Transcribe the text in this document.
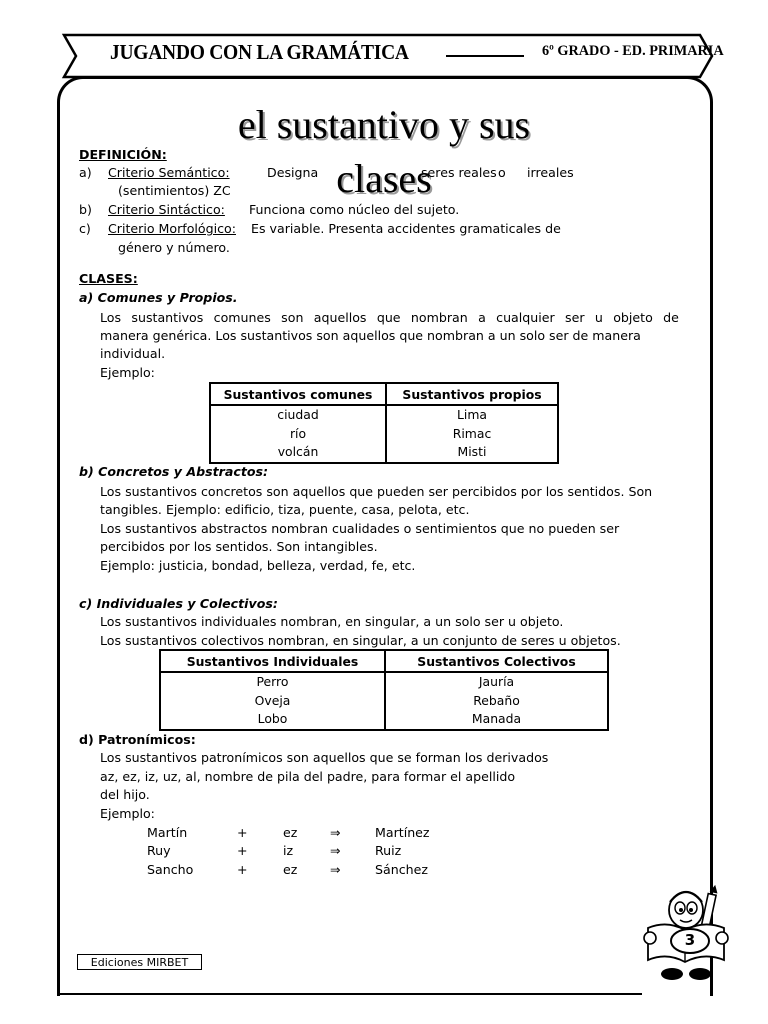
JUGANDO CON LA GRAMÁTICA	6º GRADO - ED. PRIMARIA
el sustantivo y sus
clases
DEFINICIÓN:
a) Criterio Semántico:	Designa	seres reales o irreales
(sentimientos) ZC
b) Criterio Sintáctico: Funciona como núcleo del sujeto.
c) Criterio Morfológico: Es variable. Presenta accidentes gramaticales de
género y número.
CLASES:
a) Comunes y Propios.
Los sustantivos comunes son aquellos que nombran a cualquier ser u objeto de
manera genérica. Los sustantivos son aquellos que nombran a un solo ser de manera
individual.
Ejemplo:
Sustantivos comunes	Sustantivos propios
ciudad	Lima
río	Rimac
volcán	Misti
b) Concretos y Abstractos:
Los sustantivos concretos son aquellos que pueden ser percibidos por los sentidos. Son
tangibles. Ejemplo: edificio, tiza, puente, casa, pelota, etc.
Los sustantivos abstractos nombran cualidades o sentimientos que no pueden ser
percibidos por los sentidos. Son intangibles.
Ejemplo: justicia, bondad, belleza, verdad, fe, etc.
c) Individuales y Colectivos:
Los sustantivos individuales nombran, en singular, a un solo ser u objeto.
Los sustantivos colectivos nombran, en singular, a un conjunto de seres u objetos.
Sustantivos Individuales	Sustantivos Colectivos
Perro	Jauría
Oveja	Rebaño
Lobo	Manada
d) Patronímicos:
Los sustantivos patronímicos son aquellos que se forman los derivados
az, ez, iz, uz, al, nombre de pila del padre, para formar el apellido
del hijo.
Ejemplo:
Martín	+	ez	⇒	Martínez
Ruy	+	iz	⇒	Ruiz
Sancho	+	ez	⇒	Sánchez
Ediciones MIRBET
3
